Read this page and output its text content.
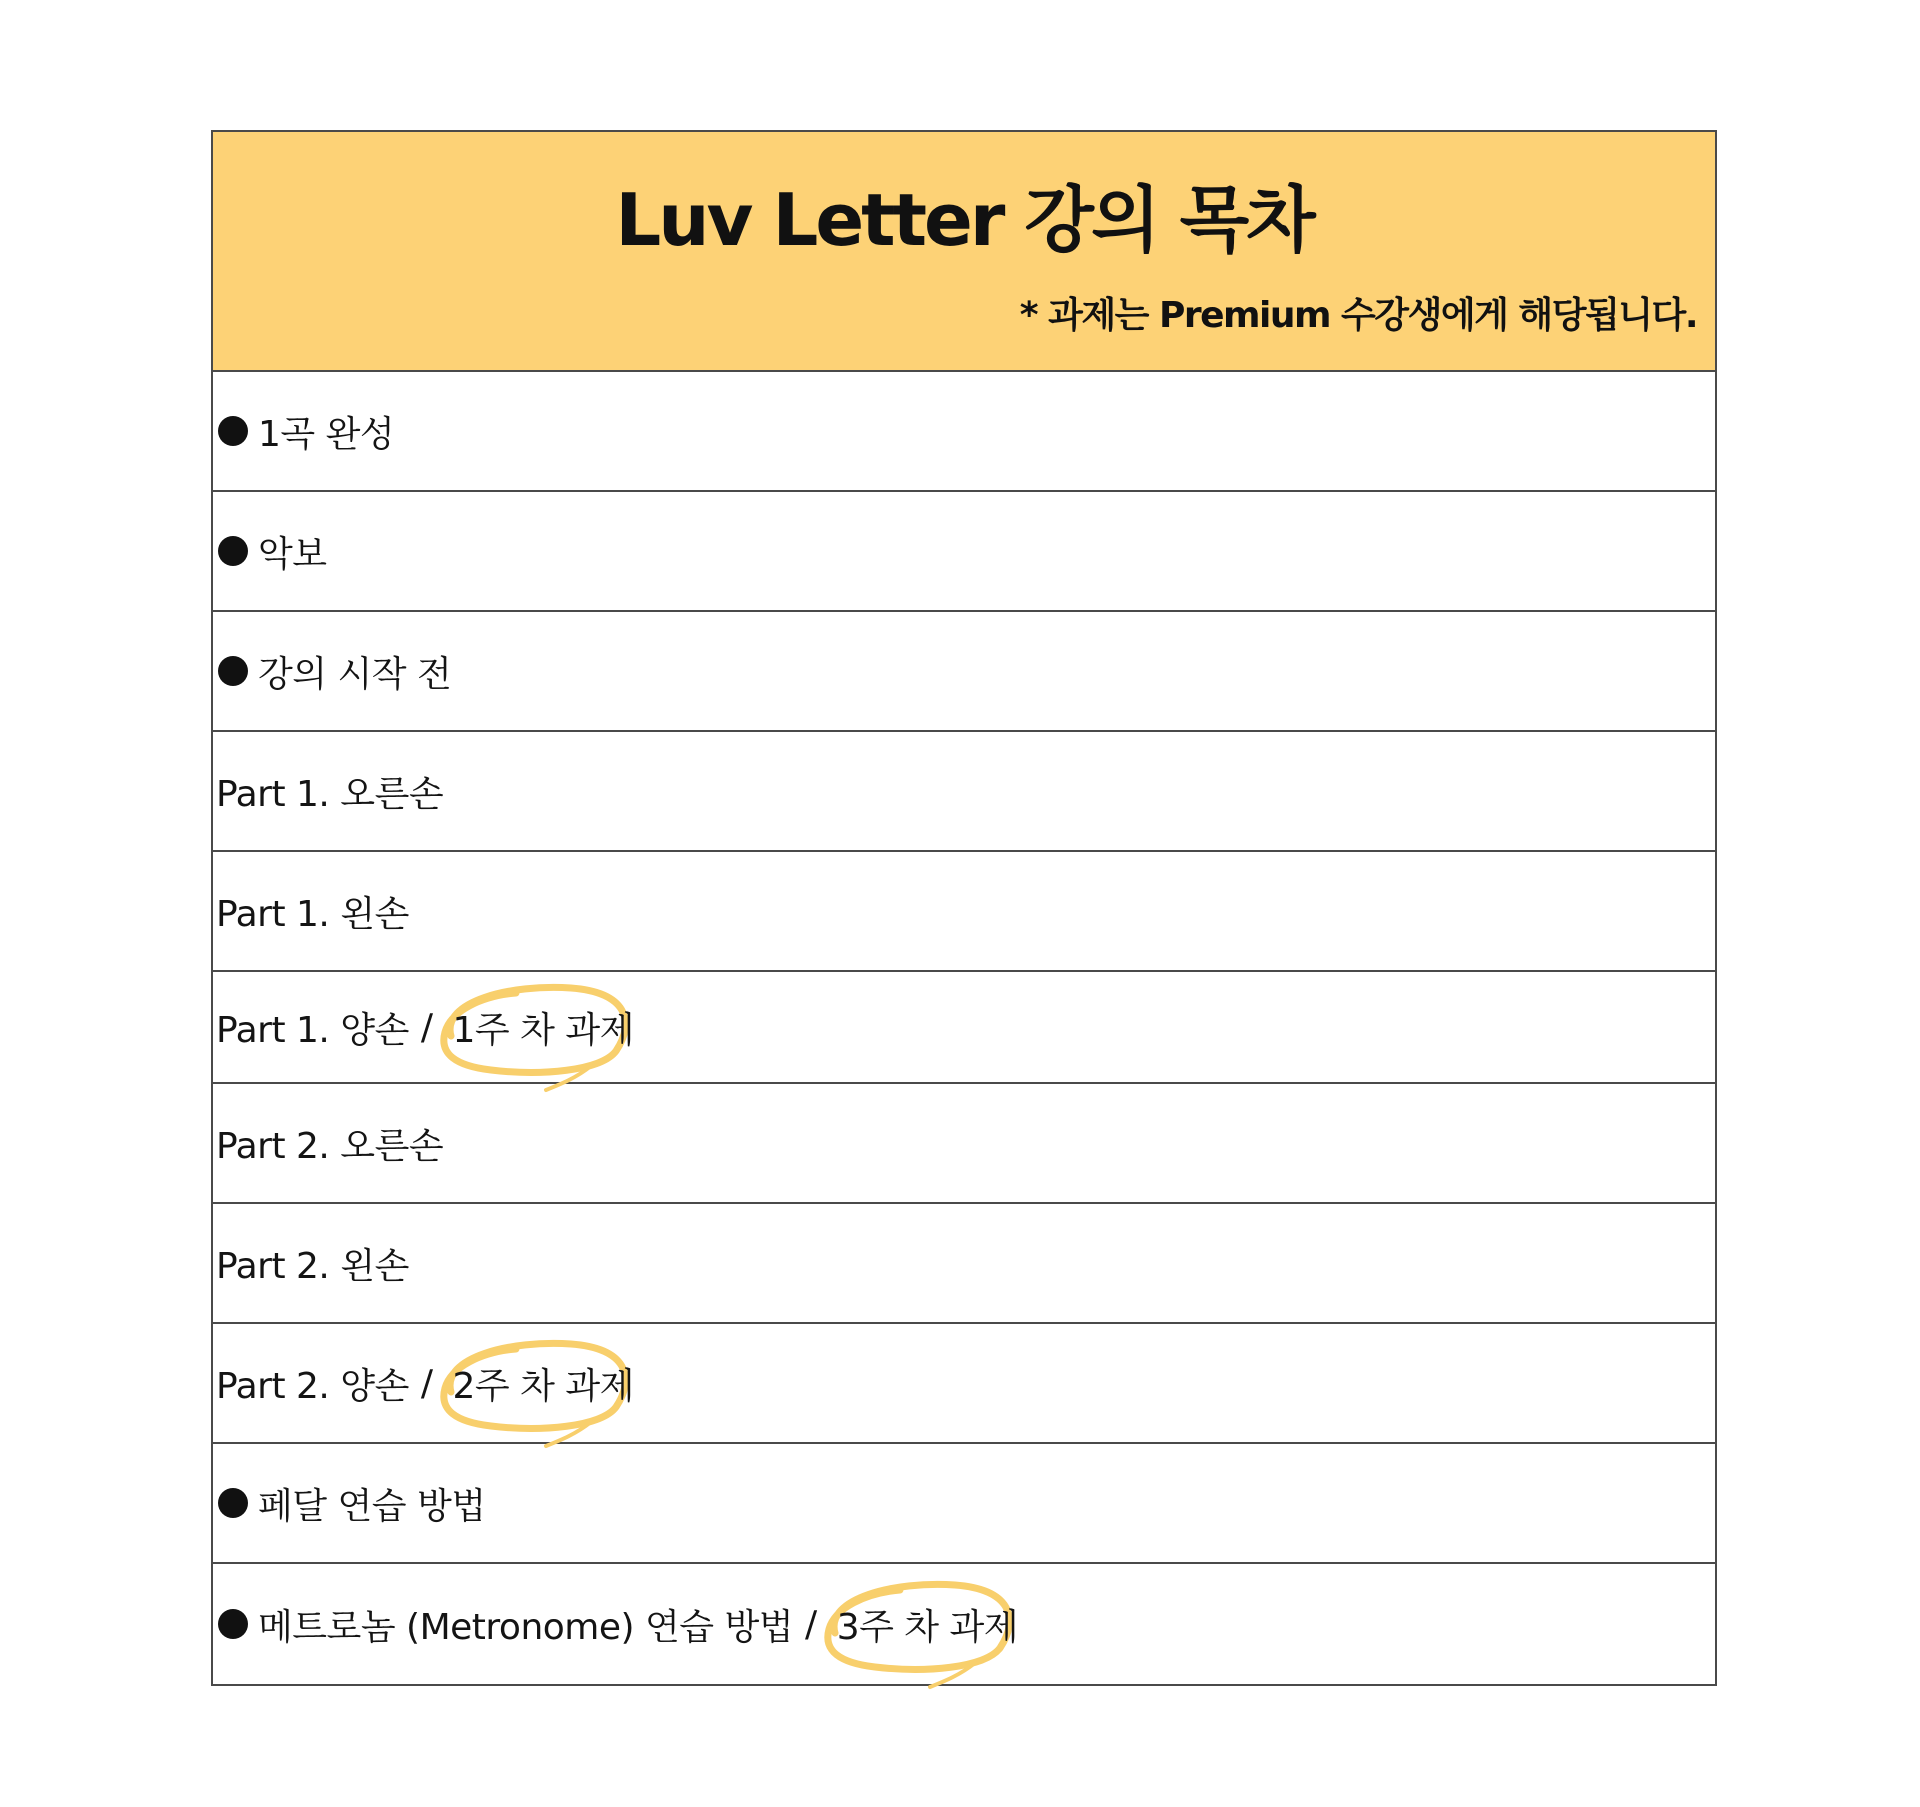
Luv Letter 강의 목차
* 과제는 Premium 수강생에게 해당됩니다.
1곡 완성
악보
강의 시작 전
Part 1. 오른손
Part 1. 왼손
Part 1. 양손 / 1주 차 과제
Part 2. 오른손
Part 2. 왼손
Part 2. 양손 / 2주 차 과제
페달 연습 방법
메트로놈 (Metronome) 연습 방법 / 3주 차 과제
